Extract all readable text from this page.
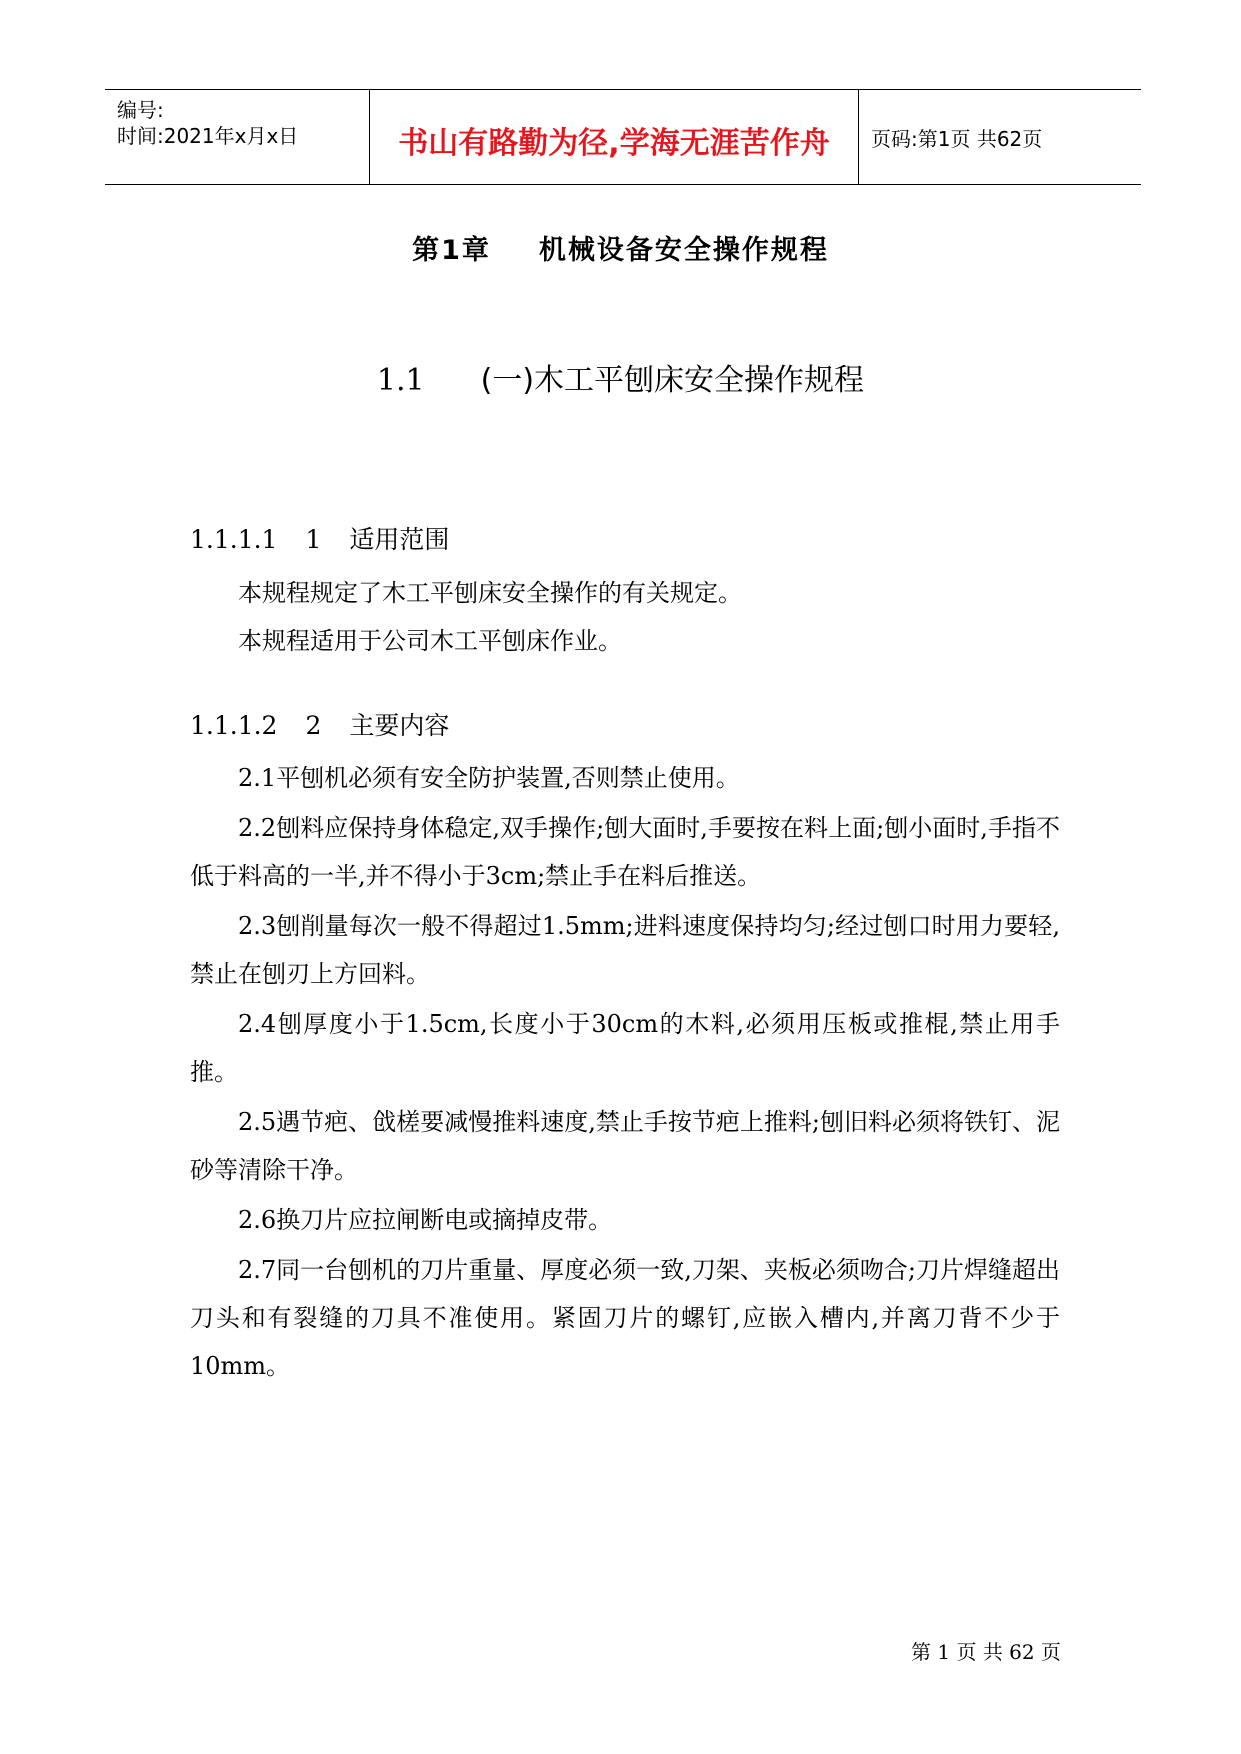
编号:
时间:2021年x月x日	书山有路勤为径,学海无涯苦作舟	页码:第1页 共62页
第1章 机械设备安全操作规程
1.1 (一)木工平刨床安全操作规程
1.1.1.1 1 适用范围
本规程规定了木工平刨床安全操作的有关规定。
本规程适用于公司木工平刨床作业。
1.1.1.2 2 主要内容
2.1平刨机必须有安全防护装置,否则禁止使用。
2.2刨料应保持身体稳定,双手操作;刨大面时,手要按在料上面;刨小面时,手指不低于料高的一半,并不得小于3cm;禁止手在料后推送。
2.3刨削量每次一般不得超过1.5mm;进料速度保持均匀;经过刨口时用力要轻, 禁止在刨刃上方回料。
2.4刨厚度小于1.5cm,长度小于30cm的木料,必须用压板或推棍,禁止用手推。
2.5遇节疤、戗槎要减慢推料速度,禁止手按节疤上推料;刨旧料必须将铁钉、泥砂等清除干净。
2.6换刀片应拉闸断电或摘掉皮带。
2.7同一台刨机的刀片重量、厚度必须一致,刀架、夹板必须吻合;刀片焊缝超出刀头和有裂缝的刀具不准使用。紧固刀片的螺钉,应嵌入槽内,并离刀背不少于10mm。
第 1 页 共 62 页
